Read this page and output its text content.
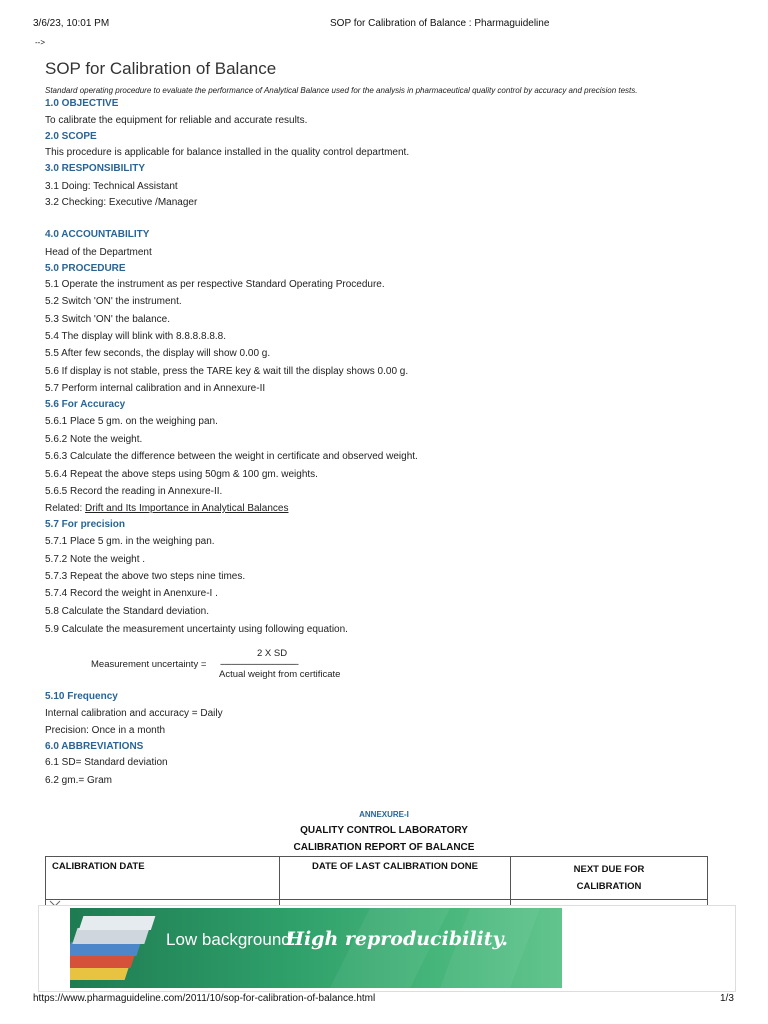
3/6/23, 10:01 PM	SOP for Calibration of Balance : Pharmaguideline
-->
SOP for Calibration of Balance
Standard operating procedure to evaluate the performance of Analytical Balance used for the analysis in pharmaceutical quality control by accuracy and precision tests.
1.0 OBJECTIVE
To calibrate the equipment for reliable and accurate results.
2.0 SCOPE
This procedure is applicable for balance installed in the quality control department.
3.0 RESPONSIBILITY
3.1 Doing: Technical Assistant
3.2 Checking: Executive /Manager
4.0 ACCOUNTABILITY
Head of the Department
5.0 PROCEDURE
5.1 Operate the instrument as per respective Standard Operating Procedure.
5.2 Switch 'ON' the instrument.
5.3 Switch 'ON' the balance.
5.4 The display will blink with 8.8.8.8.8.8.
5.5 After few seconds, the display will show 0.00 g.
5.6 If display is not stable, press the TARE key & wait till the display shows 0.00 g.
5.7 Perform internal calibration and in Annexure-II
5.6 For Accuracy
5.6.1 Place 5 gm. on the weighing pan.
5.6.2 Note the weight.
5.6.3 Calculate the difference between the weight in certificate and observed weight.
5.6.4 Repeat the above steps using 50gm & 100 gm. weights.
5.6.5 Record the reading in Annexure-II.
Related: Drift and Its Importance in Analytical Balances
5.7 For precision
5.7.1 Place 5 gm. in the weighing pan.
5.7.2 Note the weight .
5.7.3 Repeat the above two steps nine times.
5.7.4 Record the weight in Anenxure-I .
5.8 Calculate the Standard deviation.
5.9 Calculate the measurement uncertainty using following equation.
2 X SD
Measurement uncertainty = ------------------------------------
Actual weight from certificate
5.10 Frequency
Internal calibration and accuracy = Daily
Precision: Once in a month
6.0 ABBREVIATIONS
6.1 SD= Standard deviation
6.2 gm.= Gram
ANNEXURE-I
QUALITY CONTROL LABORATORY
CALIBRATION REPORT OF BALANCE
CALIBRATION DATE	DATE OF LAST CALIBRATION DONE	NEXT DUE FOR
CALIBRATION

Low background.
High reproducibility.
https://www.pharmaguideline.com/2011/10/sop-for-calibration-of-balance.html	1/3
